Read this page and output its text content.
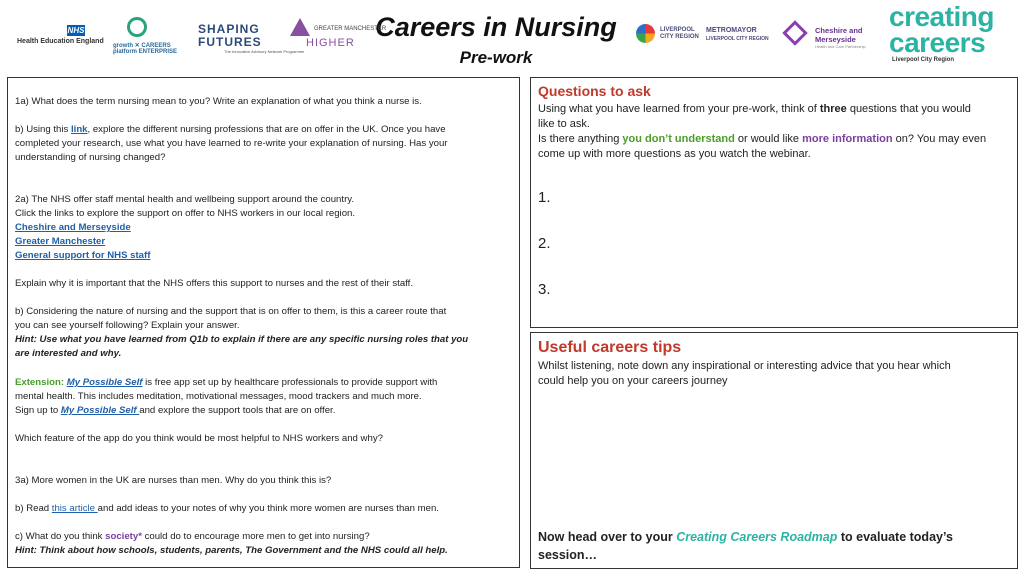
Careers in Nursing
Pre-work
NHS
Health Education England
growth ✕ CAREERS
platform ENTERPRISE
SHAPING
FUTURES
The Innovative Advisory Network Programme
GREATER MANCHESTER
HIGHER
LIVERPOOL
CITY REGION
METROMAYOR
LIVERPOOL CITY REGION
Cheshire and
Merseyside
Health and Care Partnership
creating
careers
Liverpool City Region
1a) What does the term nursing mean to you? Write an explanation of what you think a nurse is.
b) Using this link, explore the different nursing professions that are on offer in the UK. Once you have
completed your research, use what you have learned to re-write your explanation of nursing. Has your
understanding of nursing changed?
2a) The NHS offer staff mental health and wellbeing support around the country.
Click the links to explore the support on offer to NHS workers in our local region.
Cheshire and Merseyside
Greater Manchester
General support for NHS staff
Explain why it is important that the NHS offers this support to nurses and the rest of their staff.
b) Considering the nature of nursing and the support that is on offer to them, is this a career route that
you can see yourself following? Explain your answer.
Hint: Use what you have learned from Q1b to explain if there are any specific nursing roles that you
are interested and why.
Extension: My Possible Self is free app set up by healthcare professionals to provide support with
mental health. This includes meditation, motivational messages, mood trackers and much more.
Sign up to My Possible Self and explore the support tools that are on offer.
Which feature of the app do you think would be most helpful to NHS workers and why?
3a) More women in the UK are nurses than men. Why do you think this is?
b) Read this article and add ideas to your notes of why you think more women are nurses than men.
c) What do you think society* could do to encourage more men to get into nursing?
Hint: Think about how schools, students, parents, The Government and the NHS could all help.
Questions to ask
Using what you have learned from your pre-work, think of three questions that you would
like to ask.
Is there anything you don’t understand or would like more information on? You may even
come up with more questions as you watch the webinar.
1.
2.
3.
Useful careers tips
Whilst listening, note down any inspirational or interesting advice that you hear which
could help you on your careers journey
Now head over to your Creating Careers Roadmap to evaluate today’s
session…
